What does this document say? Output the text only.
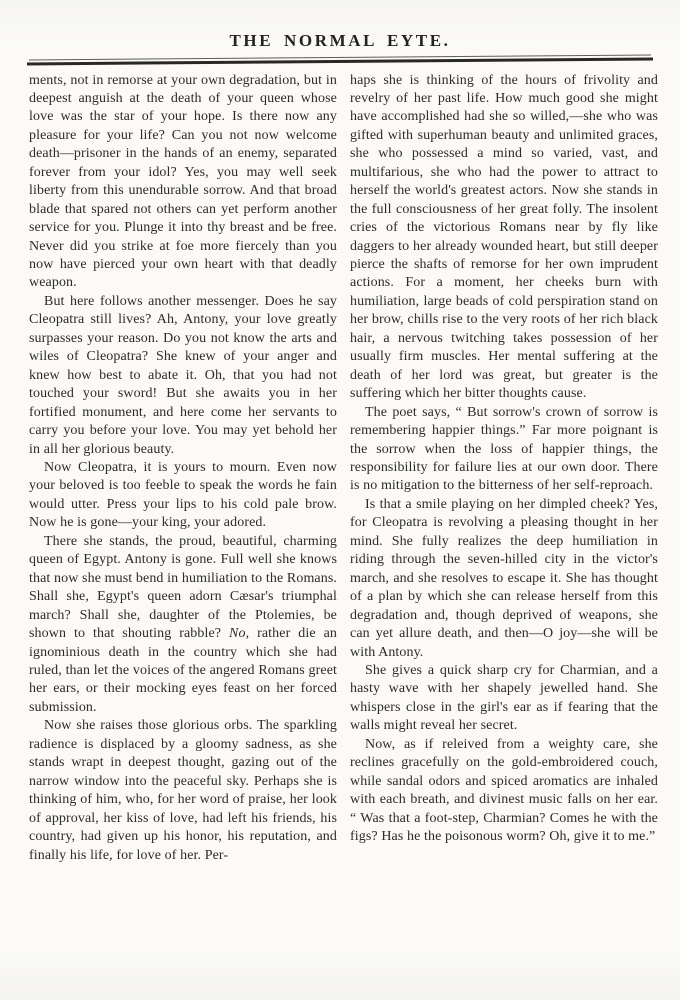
THE NORMAL EYTE.

ments, not in remorse at your own degradation, but in deepest anguish at the death of your queen whose love was the star of your hope. Is there now any pleasure for your life? Can you not now welcome death—prisoner in the hands of an enemy, separated forever from your idol? Yes, you may well seek liberty from this unendurable sorrow. And that broad blade that spared not others can yet perform another service for you. Plunge it into thy breast and be free. Never did you strike at foe more fiercely than you now have pierced your own heart with that deadly weapon.

But here follows another messenger. Does he say Cleopatra still lives? Ah, Antony, your love greatly surpasses your reason. Do you not know the arts and wiles of Cleopatra? She knew of your anger and knew how best to abate it. Oh, that you had not touched your sword! But she awaits you in her fortified monument, and here come her servants to carry you before your love. You may yet behold her in all her glorious beauty.

Now Cleopatra, it is yours to mourn. Even now your beloved is too feeble to speak the words he fain would utter. Press your lips to his cold pale brow. Now he is gone—your king, your adored.

There she stands, the proud, beautiful, charming queen of Egypt. Antony is gone. Full well she knows that now she must bend in humiliation to the Romans. Shall she, Egypt's queen adorn Cæsar's triumphal march? Shall she, daughter of the Ptolemies, be shown to that shouting rabble? No, rather die an ignominious death in the country which she had ruled, than let the voices of the angered Romans greet her ears, or their mocking eyes feast on her forced submission.

Now she raises those glorious orbs. The sparkling radience is displaced by a gloomy sadness, as she stands wrapt in deepest thought, gazing out of the narrow window into the peaceful sky. Perhaps she is thinking of him, who, for her word of praise, her look of approval, her kiss of love, had left his friends, his country, had given up his honor, his reputation, and finally his life, for love of her. Per-

haps she is thinking of the hours of frivolity and revelry of her past life. How much good she might have accomplished had she so willed,—she who was gifted with superhuman beauty and unlimited graces, she who possessed a mind so varied, vast, and multifarious, she who had the power to attract to herself the world's greatest actors. Now she stands in the full consciousness of her great folly. The insolent cries of the victorious Romans near by fly like daggers to her already wounded heart, but still deeper pierce the shafts of remorse for her own imprudent actions. For a moment, her cheeks burn with humiliation, large beads of cold perspiration stand on her brow, chills rise to the very roots of her rich black hair, a nervous twitching takes possession of her usually firm muscles. Her mental suffering at the death of her lord was great, but greater is the suffering which her bitter thoughts cause.

The poet says, “ But sorrow's crown of sorrow is remembering happier things.” Far more poignant is the sorrow when the loss of happier things, the responsibility for failure lies at our own door. There is no mitigation to the bitterness of her self-reproach.

Is that a smile playing on her dimpled cheek? Yes, for Cleopatra is revolving a pleasing thought in her mind. She fully realizes the deep humiliation in riding through the seven-hilled city in the victor's march, and she resolves to escape it. She has thought of a plan by which she can release herself from this degradation and, though deprived of weapons, she can yet allure death, and then—O joy—she will be with Antony.

She gives a quick sharp cry for Charmian, and a hasty wave with her shapely jewelled hand. She whispers close in the girl's ear as if fearing that the walls might reveal her secret.

Now, as if releived from a weighty care, she reclines gracefully on the gold-embroidered couch, while sandal odors and spiced aromatics are inhaled with each breath, and divinest music falls on her ear. “ Was that a foot-step, Charmian? Comes he with the figs? Has he the poisonous worm? Oh, give it to me.”
